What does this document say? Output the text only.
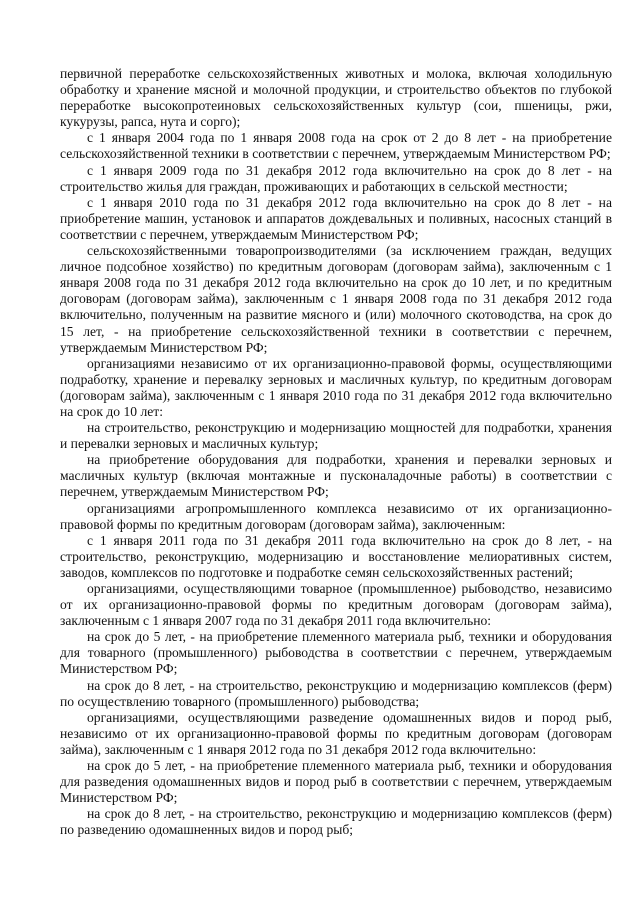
первичной переработке сельскохозяйственных животных и молока, включая холодильную обработку и хранение мясной и молочной продукции, и строительство объектов по глубокой переработке высокопротеиновых сельскохозяйственных культур (сои, пшеницы, ржи, кукурузы, рапса, нута и сорго);

с 1 января 2004 года по 1 января 2008 года на срок от 2 до 8 лет - на приобретение сельскохозяйственной техники в соответствии с перечнем, утверждаемым Министерством РФ;

с 1 января 2009 года по 31 декабря 2012 года включительно на срок до 8 лет - на строительство жилья для граждан, проживающих и работающих в сельской местности;

с 1 января 2010 года по 31 декабря 2012 года включительно на срок до 8 лет - на приобретение машин, установок и аппаратов дождевальных и поливных, насосных станций в соответствии с перечнем, утверждаемым Министерством РФ;

сельскохозяйственными товаропроизводителями (за исключением граждан, ведущих личное подсобное хозяйство) по кредитным договорам (договорам займа), заключенным с 1 января 2008 года по 31 декабря 2012 года включительно на срок до 10 лет, и по кредитным договорам (договорам займа), заключенным с 1 января 2008 года по 31 декабря 2012 года включительно, полученным на развитие мясного и (или) молочного скотоводства, на срок до 15 лет, - на приобретение сельскохозяйственной техники в соответствии с перечнем, утверждаемым Министерством РФ;

организациями независимо от их организационно-правовой формы, осуществляющими подработку, хранение и перевалку зерновых и масличных культур, по кредитным договорам (договорам займа), заключенным с 1 января 2010 года по 31 декабря 2012 года включительно на срок до 10 лет:

на строительство, реконструкцию и модернизацию мощностей для подработки, хранения и перевалки зерновых и масличных культур;

на приобретение оборудования для подработки, хранения и перевалки зерновых и масличных культур (включая монтажные и пусконаладочные работы) в соответствии с перечнем, утверждаемым Министерством РФ;

организациями агропромышленного комплекса независимо от их организационно-правовой формы по кредитным договорам (договорам займа), заключенным:

с 1 января 2011 года по 31 декабря 2011 года включительно на срок до 8 лет, - на строительство, реконструкцию, модернизацию и восстановление мелиоративных систем, заводов, комплексов по подготовке и подработке семян сельскохозяйственных растений;

организациями, осуществляющими товарное (промышленное) рыбоводство, независимо от их организационно-правовой формы по кредитным договорам (договорам займа), заключенным с 1 января 2007 года по 31 декабря 2011 года включительно:

на срок до 5 лет, - на приобретение племенного материала рыб, техники и оборудования для товарного (промышленного) рыбоводства в соответствии с перечнем, утверждаемым Министерством РФ;

на срок до 8 лет, - на строительство, реконструкцию и модернизацию комплексов (ферм) по осуществлению товарного (промышленного) рыбоводства;

организациями, осуществляющими разведение одомашненных видов и пород рыб, независимо от их организационно-правовой формы по кредитным договорам (договорам займа), заключенным с 1 января 2012 года по 31 декабря 2012 года включительно:

на срок до 5 лет, - на приобретение племенного материала рыб, техники и оборудования для разведения одомашненных видов и пород рыб в соответствии с перечнем, утверждаемым Министерством РФ;

на срок до 8 лет, - на строительство, реконструкцию и модернизацию комплексов (ферм) по разведению одомашненных видов и пород рыб;
